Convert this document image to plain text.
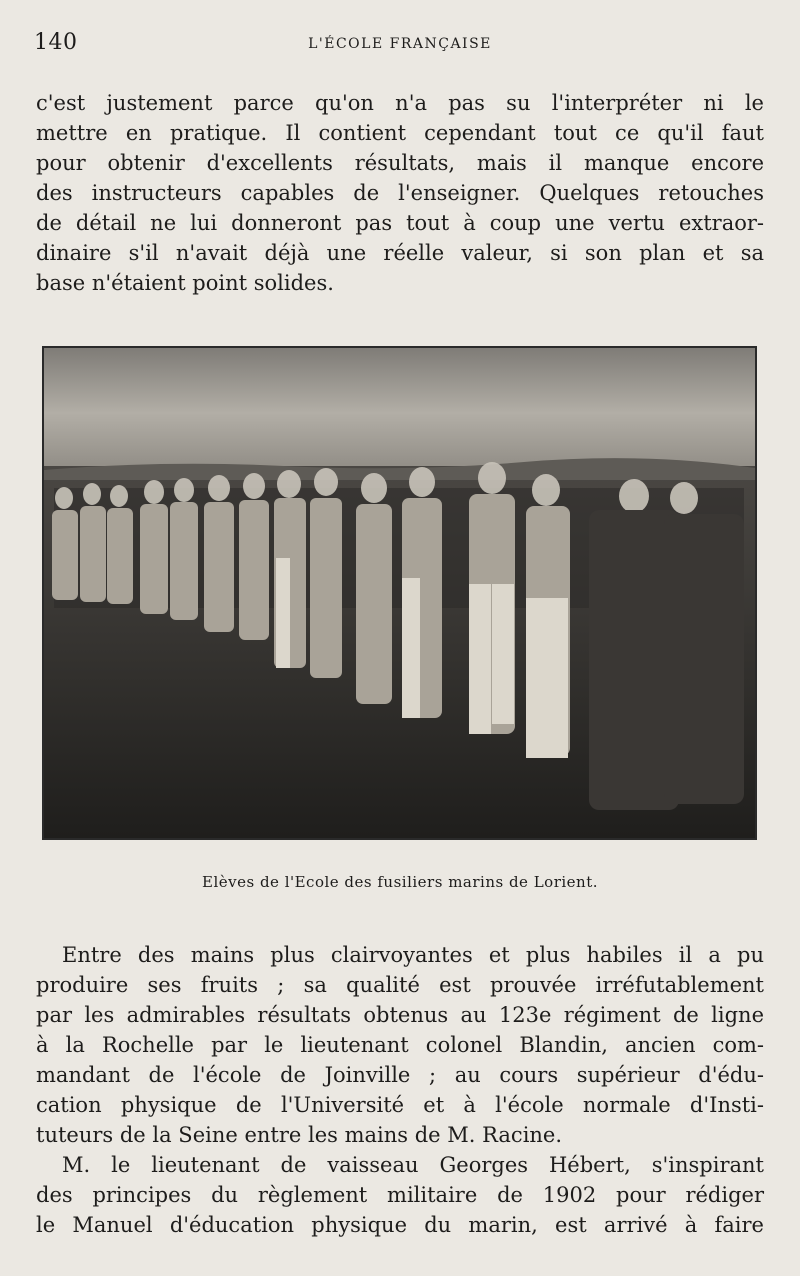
140	L'ÉCOLE FRANÇAISE
c'est justement parce qu'on n'a pas su l'interpréter ni le
mettre en pratique. Il contient cependant tout ce qu'il faut
pour obtenir d'excellents résultats, mais il manque encore
des instructeurs capables de l'enseigner. Quelques retouches
de détail ne lui donneront pas tout à coup une vertu extraor-
dinaire s'il n'avait déjà une réelle valeur, si son plan et sa
base n'étaient point solides.
Elèves de l'Ecole des fusiliers marins de Lorient.
Entre des mains plus clairvoyantes et plus habiles il a pu
produire ses fruits ; sa qualité est prouvée irréfutablement
par les admirables résultats obtenus au 123e régiment de ligne
à la Rochelle par le lieutenant colonel Blandin, ancien com-
mandant de l'école de Joinville ; au cours supérieur d'édu-
cation physique de l'Université et à l'école normale d'Insti-
tuteurs de la Seine entre les mains de M. Racine.
M. le lieutenant de vaisseau Georges Hébert, s'inspirant
des principes du règlement militaire de 1902 pour rédiger
le Manuel d'éducation physique du marin, est arrivé à faire
